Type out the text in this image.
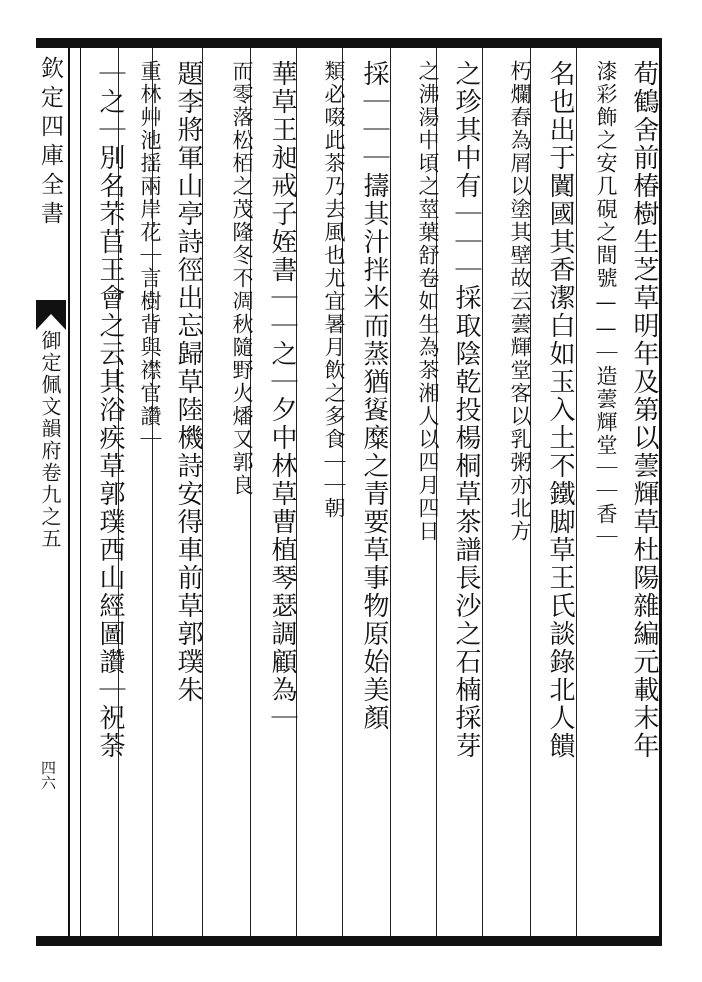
欽定四庫全書
御定佩文韻府卷九之五
四六
荀鶴舍前椿樹生芝草明年及第以蕓輝草杜陽雜編元載末年
漆彩飾之安几硯之間號——｜造蕓輝堂｜｜香｜
名也出于闐國其香潔白如玉入土不鐵脚草王氏談錄北人饋
朽爛舂為屑以塗其壁故云蕓輝堂客以乳粥亦北方
之珍其中有｜｜｜採取陰乾投楊桐草茶譜長沙之石楠採芽
之沸湯中頃之莖葉舒卷如生為茶湘人以四月四日
採｜｜｜擣其汁拌米而蒸猶𩜾糜之青要草事物原始美顏
類必啜此茶乃去風也尤宜暑月飲之多食｜｜朝
華草王昶戒子姪書｜｜之｜夕中林草曹植琴瑟調顧為｜
而零落松栢之茂隆冬不凋秋隨野火燔又郭良
題李將軍山亭詩徑出忘歸草陸機詩安得車前草郭璞朱
重林艸池揺兩岸花｜言樹背與襟官讚｜
｜之｜別名芣苢王會之云其浴疾草郭璞西山經圖讚｜祝荼
